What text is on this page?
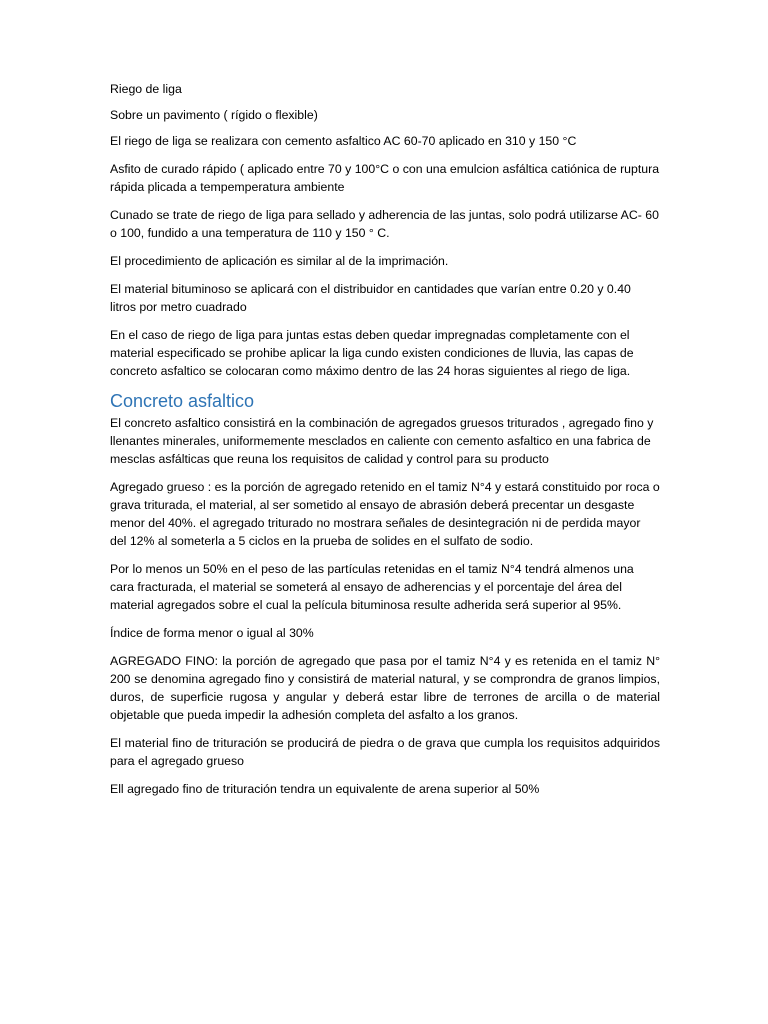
Riego de liga

Sobre un pavimento ( rígido o flexible)

El riego de liga se realizara con cemento asfaltico AC 60-70 aplicado en 310 y 150 °C

Asfito de curado rápido ( aplicado entre 70 y 100°C o con una emulcion asfáltica catiónica de ruptura rápida plicada a tempemperatura ambiente

Cunado se trate de riego de liga para sellado y adherencia de las juntas, solo podrá utilizarse AC- 60 o 100, fundido a una temperatura de 110 y 150 ° C.

El procedimiento de aplicación es similar al de la imprimación.

El material bituminoso se aplicará con el distribuidor en cantidades que varían entre 0.20 y 0.40 litros por metro cuadrado

En el caso de riego de liga para juntas estas deben quedar impregnadas completamente con el material especificado se prohibe aplicar la liga cundo existen condiciones de lluvia, las capas de concreto asfaltico se colocaran como máximo dentro de las 24 horas siguientes al riego de liga.

Concreto asfaltico

El concreto asfaltico consistirá en la combinación de agregados gruesos triturados , agregado fino y llenantes minerales, uniformemente mesclados en caliente con cemento asfaltico en una fabrica de mesclas asfálticas que reuna los requisitos de calidad y control para su producto

Agregado grueso : es la porción de agregado retenido en el tamiz N°4 y estará constituido por roca o grava triturada, el material, al ser sometido al ensayo de abrasión deberá precentar un desgaste menor del 40%. el agregado triturado no mostrara señales de desintegración ni de perdida mayor del 12% al someterla a 5 ciclos en la prueba de solides en el sulfato de sodio.

Por lo menos un 50% en el peso de las partículas retenidas en el tamiz N°4 tendrá almenos una cara fracturada, el material se someterá al ensayo de adherencias y el porcentaje del área del material agregados sobre el cual la película bituminosa resulte adherida será superior al 95%.

Índice de forma menor o igual al 30%

AGREGADO FINO: la porción de agregado que pasa por el tamiz N°4 y es retenida en el tamiz N° 200 se denomina agregado fino y consistirá de material natural, y se comprondra de granos limpios, duros, de superficie rugosa y angular y deberá estar libre de terrones de arcilla o de material objetable que pueda impedir la adhesión completa del asfalto a los granos.

El material fino de trituración se producirá de piedra o de grava que cumpla los requisitos adquiridos para el agregado grueso

Ell agregado fino de trituración tendra un equivalente de arena superior al 50%
